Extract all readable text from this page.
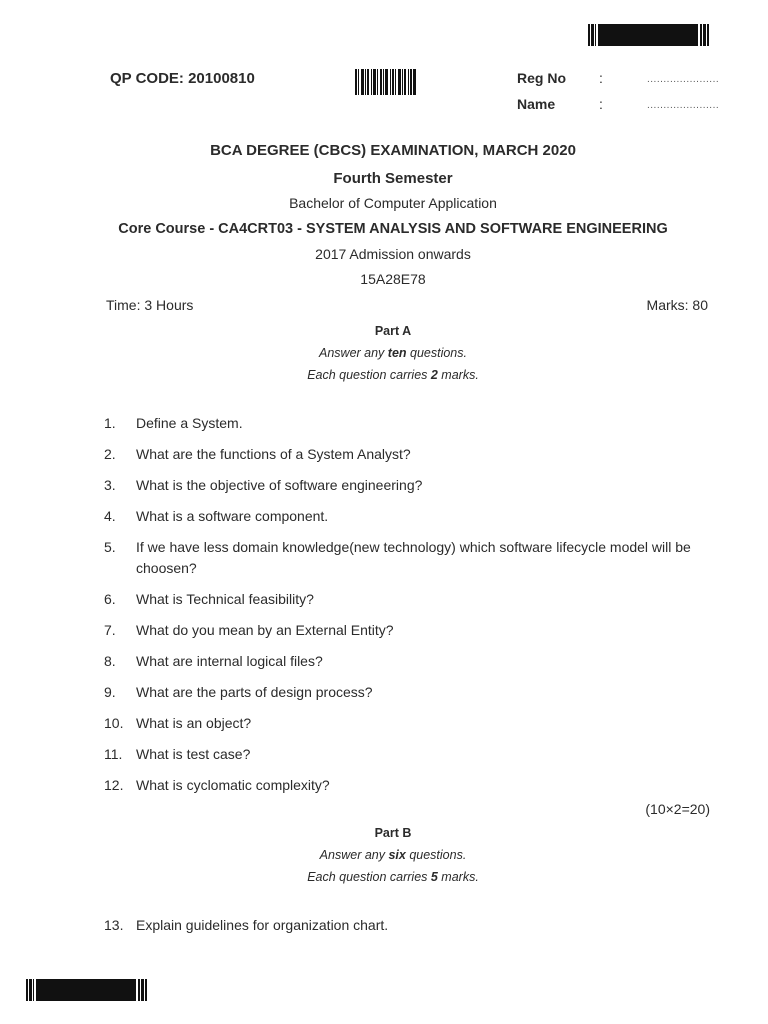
QP CODE: 20100810	Reg No :	......................
Name	:	......................
BCA DEGREE (CBCS) EXAMINATION, MARCH 2020
Fourth Semester
Bachelor of Computer Application
Core Course - CA4CRT03 - SYSTEM ANALYSIS AND SOFTWARE ENGINEERING
2017 Admission onwards
15A28E78
Time: 3 Hours	Marks: 80
Part A
Answer any ten questions.
Each question carries 2 marks.
1. Define a System.
2. What are the functions of a System Analyst?
3. What is the objective of software engineering?
4. What is a software component.
5. If we have less domain knowledge(new technology) which software lifecycle model will be choosen?
6. What is Technical feasibility?
7. What do you mean by an External Entity?
8. What are internal logical files?
9. What are the parts of design process?
10. What is an object?
11. What is test case?
12. What is cyclomatic complexity?
(10×2=20)
Part B
Answer any six questions.
Each question carries 5 marks.
13. Explain guidelines for organization chart.
